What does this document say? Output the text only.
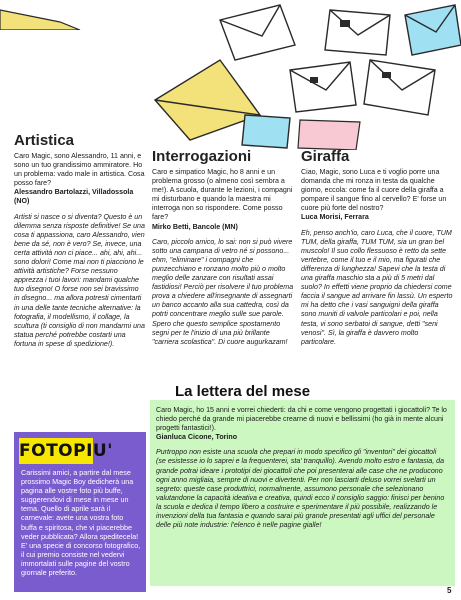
Artistica

Caro Magic, sono Alessandro, 11 anni, e sono un tuo grandissimo ammiratore. Ho un problema: vado male in artistica. Cosa posso fare?

Alessandro Bartolazzi, Villadossola (NO)

Artisti si nasce o si diventa? Questo è un dilemma senza risposte definitive! Se una cosa ti appassiona, caro Alessandro, vien bene da sé, non è vero? Se, invece, una certa attività non ci piace... ahi, ahi, ahi... sono dolori! Come mai non ti piacciono le attività artistiche? Forse nessuno apprezza i tuoi lavori: mandami qualche tuo disegno! O forse non sei bravissimo in disegno... ma allora potresti cimentarti in una delle tante tecniche alternative: la fotografia, il modellismo, il collage, la scultura (ti consiglio di non mandarmi una statua perché potrebbe costarti una fortuna in spese di spedizione!).

Interrogazioni

Caro e simpatico Magic, ho 8 anni e un problema grosso (o almeno così sembra a me!). A scuola, durante le lezioni, i compagni mi disturbano e quando la maestra mi interroga non so rispondere. Come posso fare?

Mirko Betti, Bancole (MN)

Caro, piccolo amico, lo sai: non si può vivere sotto una campana di vetro né si possono... ehm, "eliminare" i compagni che punzecchiano e ronzano molto più o molto meglio delle zanzare con risultati assai fastidiosi! Perciò per risolvere il tuo problema prova a chiedere all'insegnante di assegnarti un banco accanto alla sua cattedra, così da potrti concentrare meglio sulle sue parole. Spero che questo semplice spostamento segni per te l'inizio di una più brillante "carriera scolastica". Di cuore augurkazam!

Giraffa

Ciao, Magic, sono Luca e ti voglio porre una domanda che mi ronza in testa da qualche giorno, eccola: come fa il cuore della giraffa a pompare il sangue fino al cervello? E' forse un cuore più forte del nostro?

Luca Morisi, Ferrara

Eh, penso anch'io, caro Luca, che il cuore, TUM TUM, della giraffa, TUM TUM, sia un gran bel muscolo! Il suo collo flessuoso è retto da sette vertebre, come il tuo e il mio, ma figurati che differenza di lunghezza! Sapevi che la testa di una giraffa maschio sta a più di 5 metri dal suolo? In effetti viene proprio da chiedersi come faccia il sangue ad arrivare fin lassù. Un esperto mi ha detto che i vasi sanguigni della giraffa sono muniti di valvole particolari e poi, nella testa, vi sono serbatoi di sangue, detti "seni venosi". Sì, la giraffa è davvero molto particolare.

FOTOPIU'
Carissimi amici, a partire dal mese prossimo Magic Boy dedicherà una pagina alle vostre foto più buffe, suggerendovi di mese in mese un tema. Quello di aprile sarà il carnevale: avete una vostra foto buffa e spiritosa, che vi piacerebbe veder pubblicata? Allora speditecela! E' una specie di concorso fotografico, il cui premio consiste nel vedervi immortalati sulle pagine del vostro giornale preferito.
La lettera del mese

Caro Magic, ho 15 anni e vorrei chiederti: da chi e come vengono progettati i giocattoli? Te lo chiedo perché da grande mi piacerebbe crearne di nuovi e bellissimi (ho già in mente alcuni progetti fantastici!).

Gianluca Cicone, Torino

Purtroppo non esiste una scuola che prepari in modo specifico gli "inventori" dei giocattoli (se esistesse io lo saprei e la frequenterei, sta' tranquillo). Avendo molto estro e fantasia, da grande potrai ideare i prototipi dei giocattoli che poi presenterai alle case che ne producono ogni anno migliaia, sempre di nuovi e divertenti. Per non lasciarti deluso vorrei svelarti un segreto: queste case produttrici, normalmente, assumono personale che selezionano valutandone la capacità ideativa e creativa, quindi ecco il consiglio saggio: finisci per benino la scuola e dedica il tempo libero a costruire e sperimentare il più possibile, realizzando le invenzioni della tua fantasia e quando sarai più grande presentati agli uffici del personale delle più note industrie: l'elenco è nelle pagine gialle!

5
